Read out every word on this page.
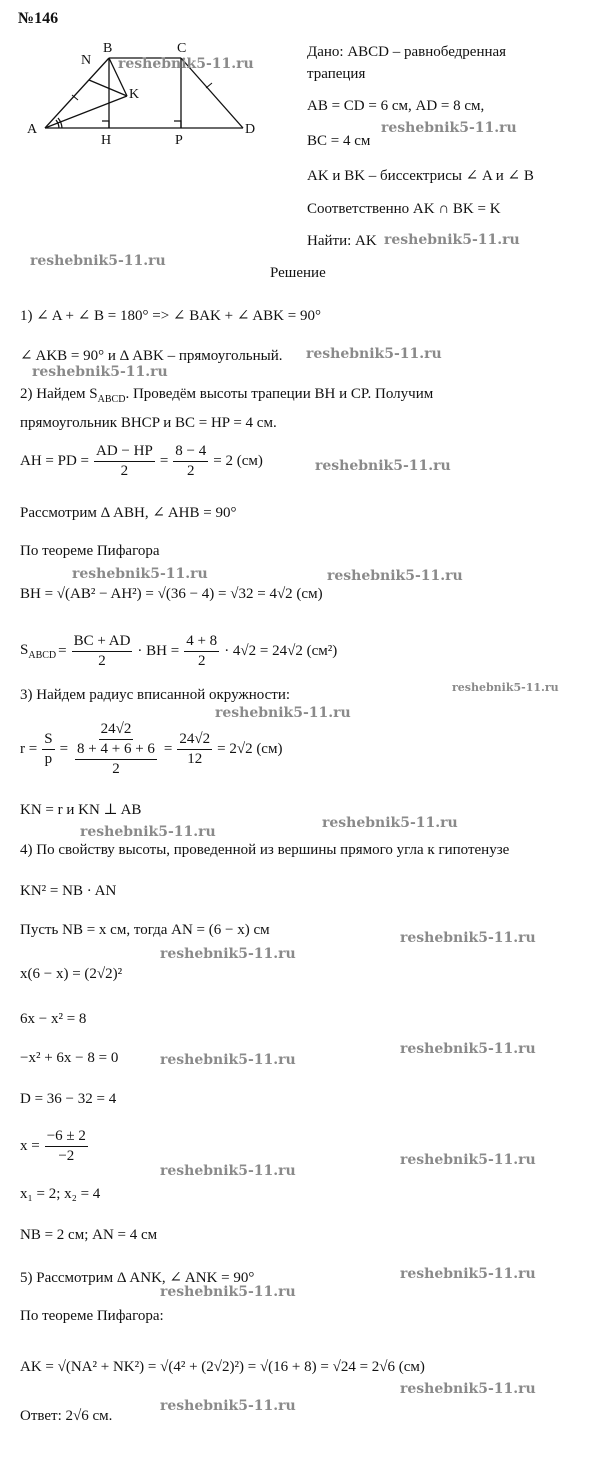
№146
A
B	C
D
N
K
H	P
Дано: ABCD – равнобедренная
трапеция
AB = CD = 6 см, AD = 8 см,
BC = 4 см
AK и BK – биссектрисы ∠ A и ∠ B
Соответственно AK ∩ BK = K
Найти: AK
Решение
1) ∠ A + ∠ B = 180° => ∠ BAK + ∠ ABK = 90°
∠ AKB = 90° и Δ ABK – прямоугольный.
2) Найдем $S_{ABCD}$. Проведём высоты трапеции BH и CP. Получим
прямоугольник BHCP и BC = HP = 4 см.
AH = PD = $\frac{AD - HP}{2} = \frac{8 - 4}{2} = 2$ (см)
Рассмотрим Δ ABH, ∠ AHB = 90°
По теореме Пифагора
BH = √(AB² − AH²) = √(36 − 4) = √32 = 4√2 (см)
$S_{ABCD} = \frac{BC + AD}{2}$ · BH = $\frac{4 + 8}{2} \cdot 4√2 = 24√2$ (см²)
3) Найдем радиус вписанной окружности:
$r = \frac{S}{p} = \frac{24√2}{\frac{8 + 4 + 6 + 6}{2}} = \frac{24√2}{12} = 2√2$ (см)
KN = r и KN ⊥ AB
4) По свойству высоты, проведенной из вершины прямого угла к гипотенузе
KN² = NB · AN
Пусть NB = x см, тогда AN = (6 − x) см
x(6 − x) = (2√2)²
6x − x² = 8
−x² + 6x − 8 = 0
D = 36 − 32 = 4
$x = \frac{-6 \pm 2}{-2}$
x₁ = 2; x₂ = 4
NB = 2 см; AN = 4 см
5) Рассмотрим Δ ANK, ∠ ANK = 90°
По теореме Пифагора:
AK = √(NA² + NK²) = √(4² + (2√2)²) = √(16 + 8) = √24 = 2√6 (см)
Ответ: 2√6 см.
reshebnik5-11.ru
reshebnik5-11.ru
reshebnik5-11.ru
reshebnik5-11.ru
reshebnik5-11.ru
reshebnik5-11.ru
reshebnik5-11.ru
reshebnik5-11.ru	reshebnik5-11.ru
reshebnik5-11.ru
reshebnik5-11.ru
reshebnik5-11.ru
reshebnik5-11.ru
reshebnik5-11.ru
reshebnik5-11.ru
reshebnik5-11.ru
reshebnik5-11.ru
reshebnik5-11.ru
reshebnik5-11.ru
reshebnik5-11.ru
reshebnik5-11.ru
reshebnik5-11.ru
reshebnik5-11.ru
